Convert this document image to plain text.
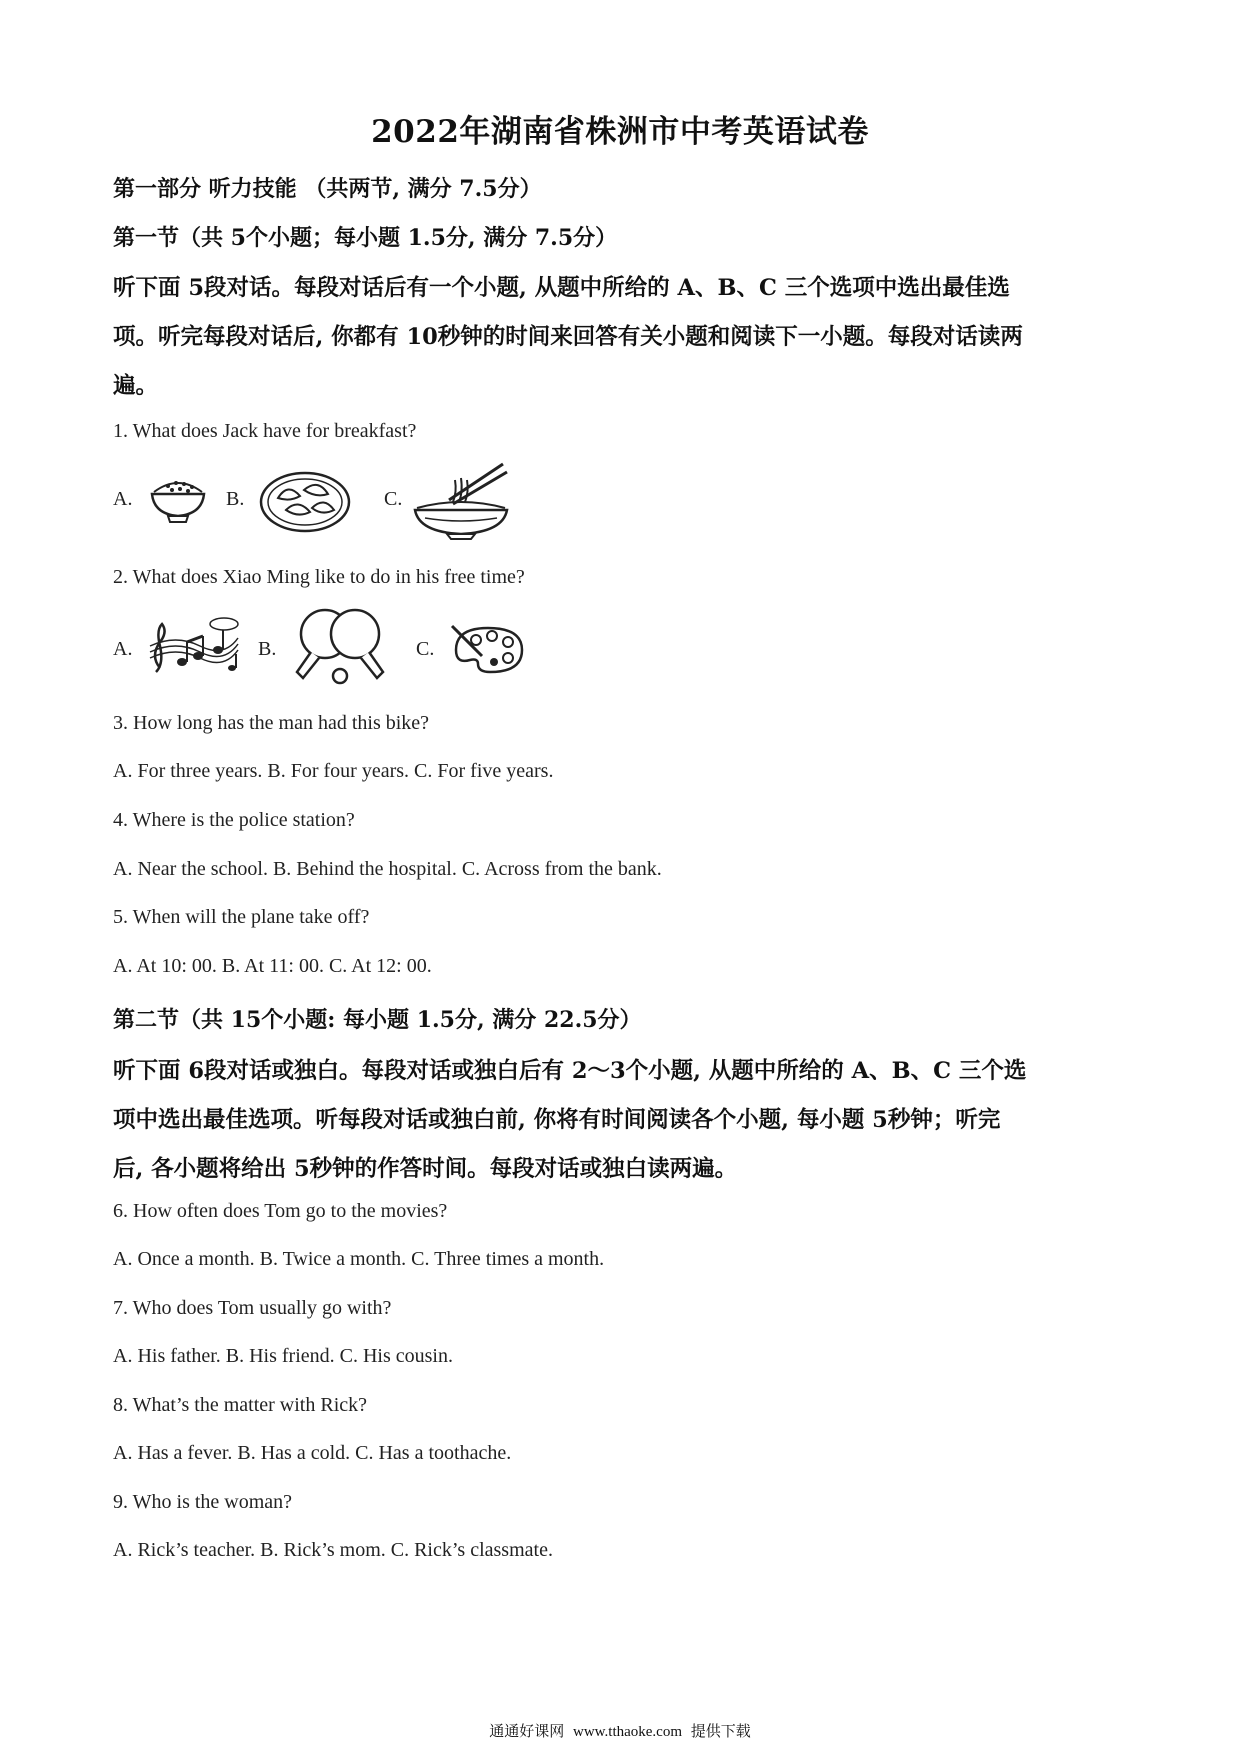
2022年湖南省株洲市中考英语试卷
第一部分 听力技能 （共两节, 满分 7.5分）
第一节（共 5个小题；每小题 1.5分, 满分 7.5分）
听下面 5段对话。每段对话后有一个小题, 从题中所给的 A、B、C 三个选项中选出最佳选
项。听完每段对话后, 你都有 10秒钟的时间来回答有关小题和阅读下一小题。每段对话读两
遍。
1. What does Jack have for breakfast?
A.	B.	C.
2. What does Xiao Ming like to do in his free time?
A.	B.	C.
3. How long has the man had this bike?
A. For three years. B. For four years. C. For five years.
4. Where is the police station?
A. Near the school. B. Behind the hospital. C. Across from the bank.
5. When will the plane take off?
A. At 10: 00. B. At 11: 00. C. At 12: 00.
第二节（共 15个小题: 每小题 1.5分, 满分 22.5分）
听下面 6段对话或独白。每段对话或独白后有 2～3个小题, 从题中所给的 A、B、C 三个选
项中选出最佳选项。听每段对话或独白前, 你将有时间阅读各个小题, 每小题 5秒钟；听完
后, 各小题将给出 5秒钟的作答时间。每段对话或独白读两遍。
6. How often does Tom go to the movies?
A. Once a month. B. Twice a month. C. Three times a month.
7. Who does Tom usually go with?
A. His father. B. His friend. C. His cousin.
8. What’s the matter with Rick?
A. Has a fever. B. Has a cold. C. Has a toothache.
9. Who is the woman?
A. Rick’s teacher. B. Rick’s mom. C. Rick’s classmate.
通通好课网 www.tthaoke.com 提供下载
